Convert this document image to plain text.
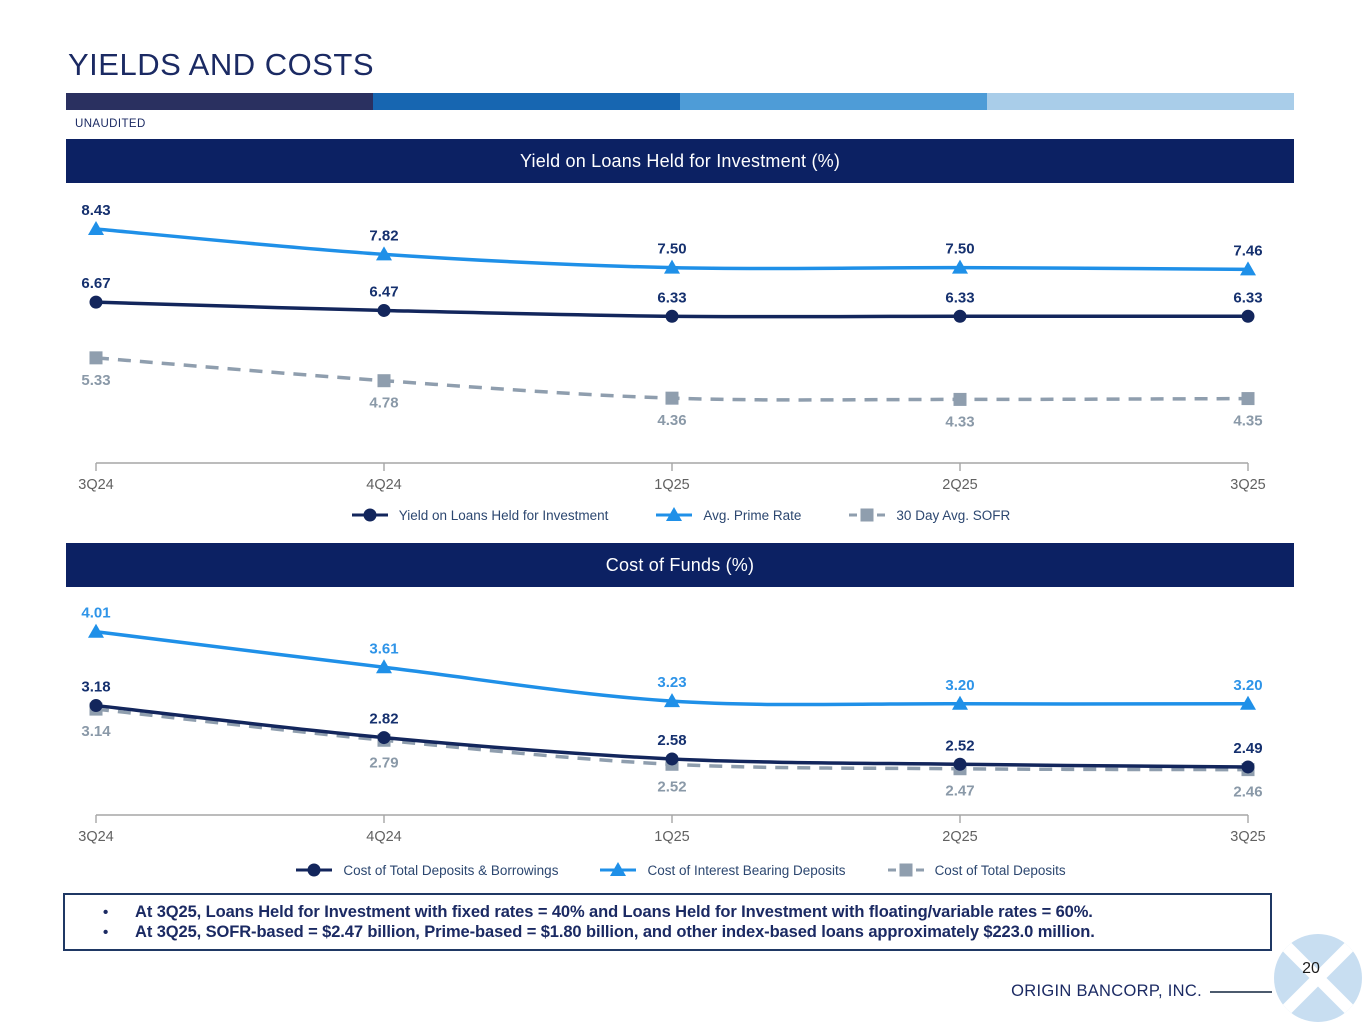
YIELDS AND COSTS
UNAUDITED
Yield on Loans Held for Investment (%)
3Q24	4Q24	1Q25	2Q25	3Q25
5.33
4.78
4.36	4.33	4.35
6.67	6.47	6.33	6.33	6.33
8.43
7.82
7.50	7.50	7.46
Yield on Loans Held for Investment	Avg. Prime Rate	30 Day Avg. SOFR
Cost of Funds (%)
3Q24	4Q24	1Q25	2Q25	3Q25
3.14
2.79
2.52	2.47	2.46
3.18
2.82
2.58	2.52	2.49
4.01
3.61
3.23	3.20	3.20
Cost of Total Deposits & Borrowings	Cost of Interest Bearing Deposits	Cost of Total Deposits
•	At 3Q25, Loans Held for Investment with fixed rates = 40% and Loans Held for Investment with floating/variable rates = 60%.
•	At 3Q25, SOFR-based = $2.47 billion, Prime-based = $1.80 billion, and other index-based loans approximately $223.0 million.
ORIGIN BANCORP, INC.
20
